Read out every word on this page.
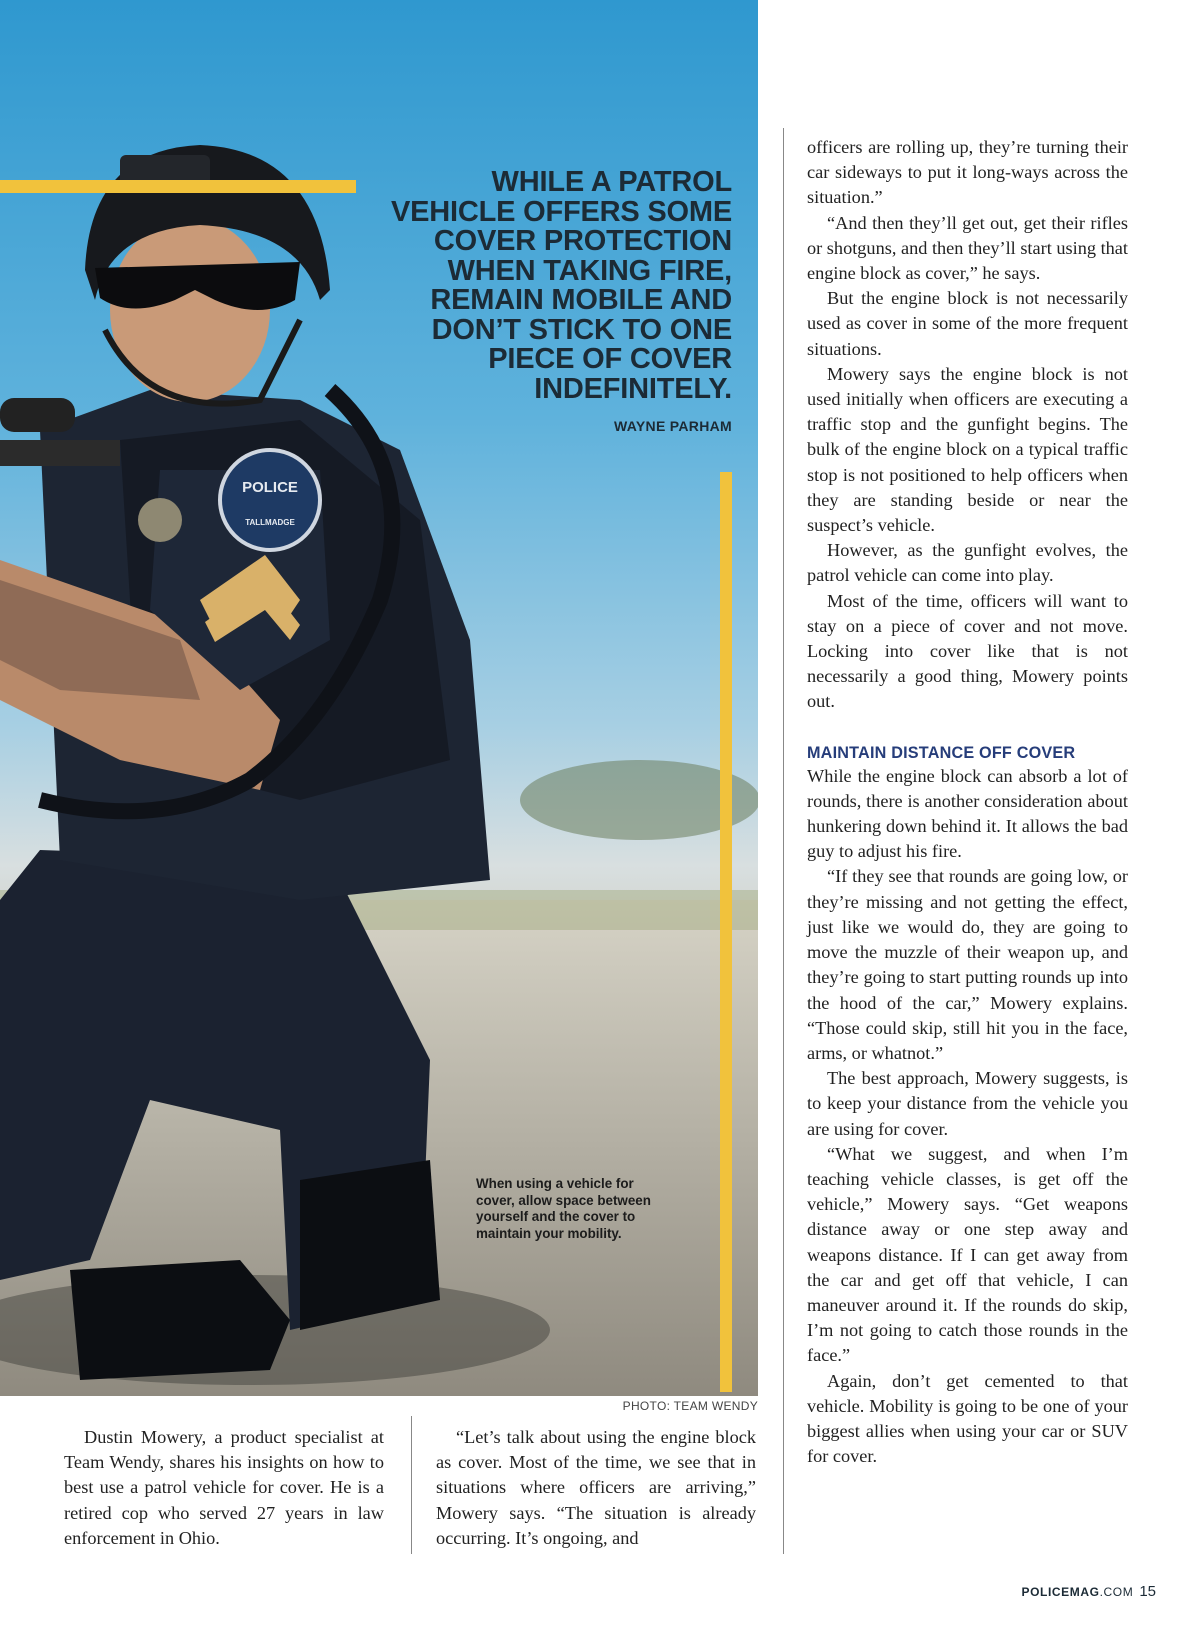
POLICE
TALLMADGE
WHILE A PATROL VEHICLE OFFERS SOME COVER PROTECTION WHEN TAKING FIRE, REMAIN MOBILE AND DON’T STICK TO ONE PIECE OF COVER INDEFINITELY.
WAYNE PARHAM
When using a vehicle for cover, allow space between yourself and the cover to maintain your mobility.
PHOTO: TEAM WENDY

Dustin Mowery, a product specialist at Team Wendy, shares his insights on how to best use a patrol vehicle for cover. He is a retired cop who served 27 years in law enforcement in Ohio.

“Let’s talk about using the engine block as cover. Most of the time, we see that in situations where officers are arriving,” Mowery says. “The situation is already occurring. It’s ongoing, and

officers are rolling up, they’re turning their car sideways to put it long-ways across the situation.”

“And then they’ll get out, get their rifles or shotguns, and then they’ll start using that engine block as cover,” he says.

But the engine block is not necessarily used as cover in some of the more frequent situations.

Mowery says the engine block is not used initially when officers are executing a traffic stop and the gunfight begins. The bulk of the engine block on a typical traffic stop is not positioned to help officers when they are standing beside or near the suspect’s vehicle.

However, as the gunfight evolves, the patrol vehicle can come into play.

Most of the time, officers will want to stay on a piece of cover and not move. Locking into cover like that is not necessarily a good thing, Mowery points out.

MAINTAIN DISTANCE OFF COVER

While the engine block can absorb a lot of rounds, there is another consideration about hunkering down behind it. It allows the bad guy to adjust his fire.

“If they see that rounds are going low, or they’re missing and not getting the effect, just like we would do, they are going to move the muzzle of their weapon up, and they’re going to start putting rounds up into the hood of the car,” Mowery explains. “Those could skip, still hit you in the face, arms, or whatnot.”

The best approach, Mowery suggests, is to keep your distance from the vehicle you are using for cover.

“What we suggest, and when I’m teaching vehicle classes, is get off the vehicle,” Mowery says. “Get weapons distance away or one step away and weapons distance. If I can get away from the car and get off that vehicle, I can maneuver around it. If the rounds do skip, I’m not going to catch those rounds in the face.”

Again, don’t get cemented to that vehicle. Mobility is going to be one of your biggest allies when using your car or SUV for cover.

POLICEMAG.COM 15
